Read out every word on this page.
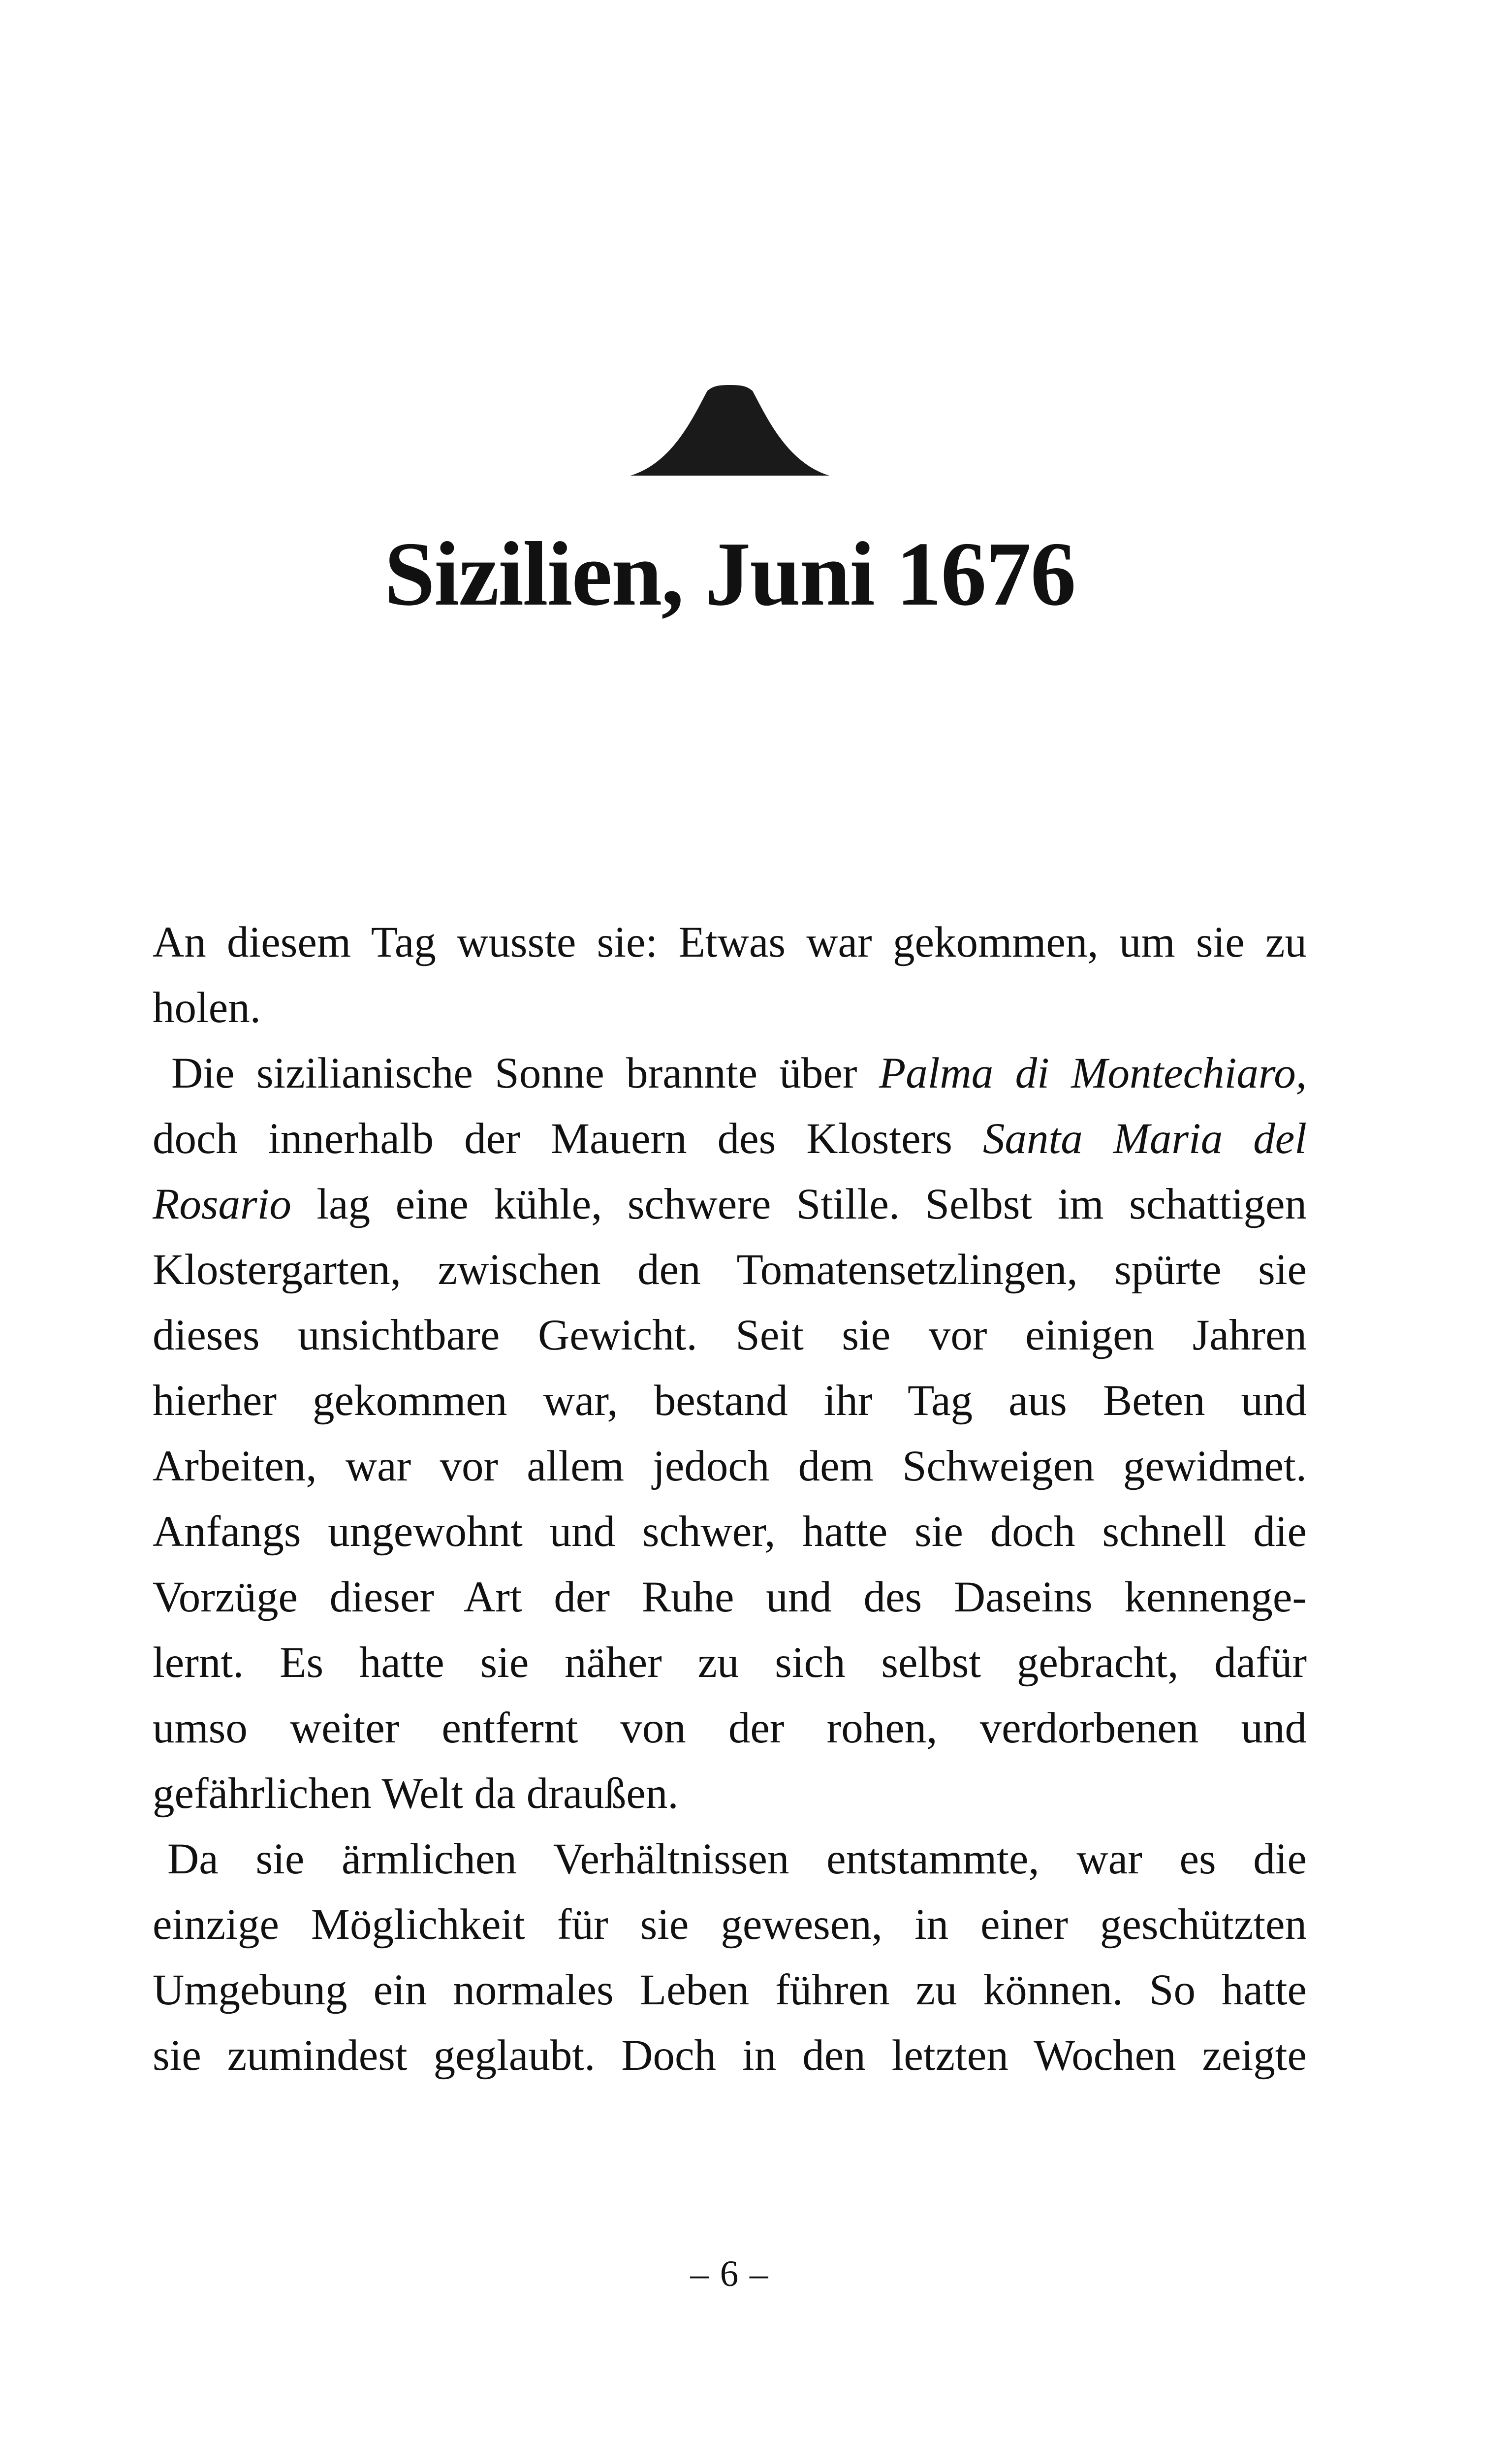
Sizilien, Juni 1676
An diesem Tag wusste sie: Etwas war gekommen, um sie zu
holen.
Die sizilianische Sonne brannte über Palma di Montechiaro,
doch innerhalb der Mauern des Klosters Santa Maria del
Rosario lag eine kühle, schwere Stille. Selbst im schattigen
Klostergarten, zwischen den Tomatensetzlingen, spürte sie
dieses unsichtbare Gewicht. Seit sie vor einigen Jahren
hierher gekommen war, bestand ihr Tag aus Beten und
Arbeiten, war vor allem jedoch dem Schweigen gewidmet.
Anfangs ungewohnt und schwer, hatte sie doch schnell die
Vorzüge dieser Art der Ruhe und des Daseins kennenge-
lernt. Es hatte sie näher zu sich selbst gebracht, dafür
umso weiter entfernt von der rohen, verdorbenen und
gefährlichen Welt da draußen.
Da sie ärmlichen Verhältnissen entstammte, war es die
einzige Möglichkeit für sie gewesen, in einer geschützten
Umgebung ein normales Leben führen zu können. So hatte
sie zumindest geglaubt. Doch in den letzten Wochen zeigte
– 6 –
